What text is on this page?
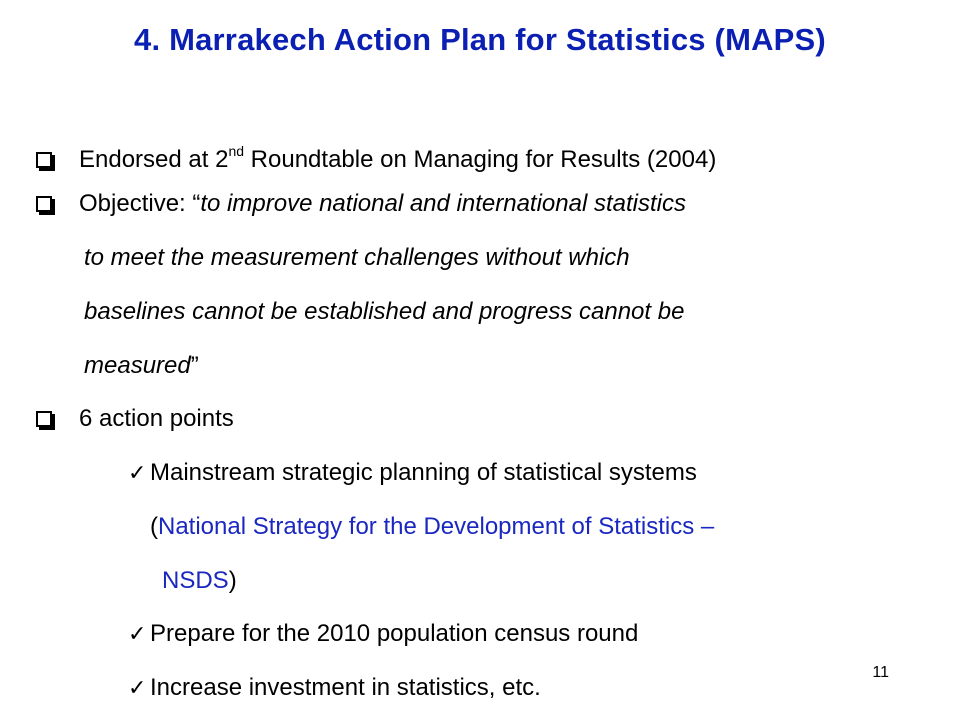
4. Marrakech Action Plan for Statistics (MAPS)
Endorsed at 2nd Roundtable on Managing for Results (2004)
Objective: “to improve national and international statistics
to meet the measurement challenges without which
baselines cannot be established and progress cannot be
measured”
6 action points
✓ Mainstream strategic planning of statistical systems
(National Strategy for the Development of Statistics –
NSDS)
✓ Prepare for the 2010 population census round
✓ Increase investment in statistics, etc.
11
